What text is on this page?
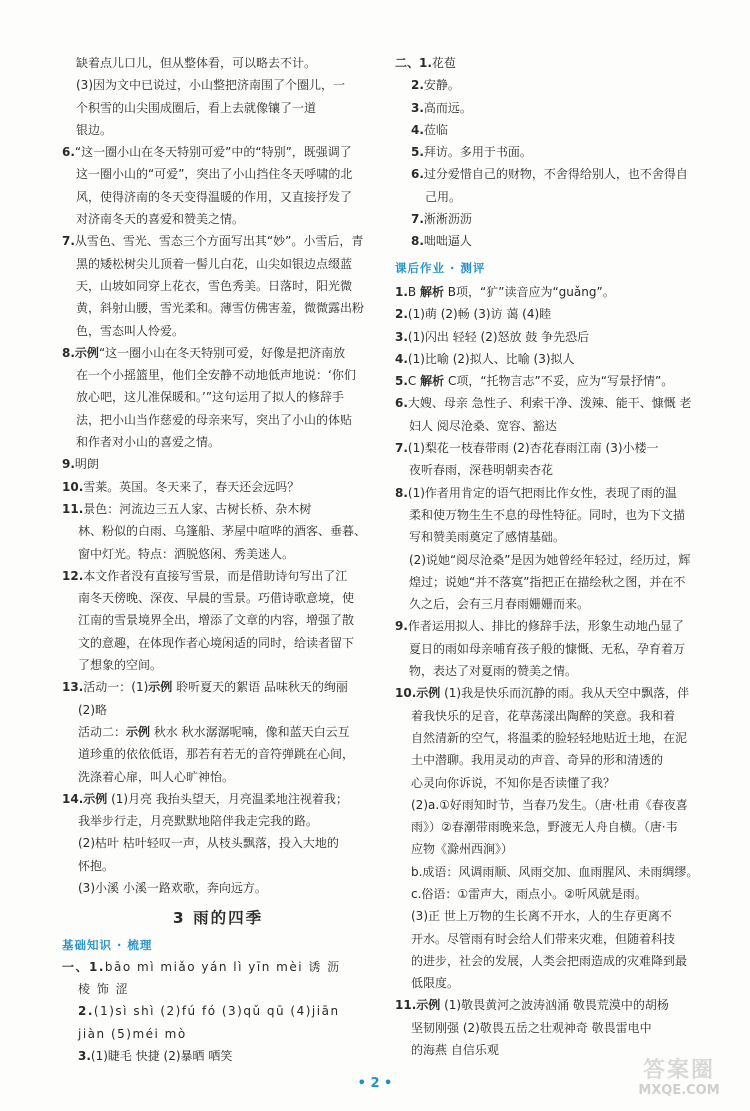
缺着点儿口儿，但从整体看，可以略去不计。

(3)因为文中已说过，小山整把济南围了个圈儿，一

个积雪的山尖围成圈后，看上去就像镶了一道

银边。

6.“这一圈小山在冬天特别可爱”中的“特别”，既强调了

这一圈小山的“可爱”，突出了小山挡住冬天呼啸的北

风，使得济南的冬天变得温暖的作用，又直接抒发了

对济南冬天的喜爱和赞美之情。

7.从雪色、雪光、雪态三个方面写出其“妙”。小雪后，青

黑的矮松树尖儿顶着一髻儿白花，山尖如银边点缀蓝

天，山坡如同穿上花衣，雪色秀美。日落时，阳光微

黄，斜射山腰，雪光柔和。薄雪仿佛害羞，微微露出粉

色，雪态叫人怜爱。

8.示例“这一圈小山在冬天特别可爱，好像是把济南放

在一个小摇篮里，他们全安静不动地低声地说：‘你们

放心吧，这儿准保暖和。’”这句运用了拟人的修辞手

法，把小山当作慈爱的母亲来写，突出了小山的体贴

和作者对小山的喜爱之情。

9.明朗

10.雪莱。英国。冬天来了，春天还会远吗？

11.景色：河流边三五人家、古树长桥、杂木树

林、粉似的白雨、乌篷船、茅屋中喧哗的酒客、垂暮、

窗中灯光。特点：洒脱悠闲、秀美迷人。

12.本文作者没有直接写雪景，而是借助诗句写出了江

南冬天傍晚、深夜、早晨的雪景。巧借诗歌意境，使

江南的雪景境界全出，增添了文章的内容，增强了散

文的意趣，在体现作者心境闲适的同时，给读者留下

了想象的空间。

13.活动一：(1)示例 聆听夏天的絮语 品味秋天的绚丽

(2)略

活动二：示例 秋水 秋水潺潺呢喃，像和蓝天白云互

道珍重的依依低语，那若有若无的音符弹跳在心间，

洗涤着心扉，叫人心旷神怡。

14.示例 (1)月亮 我抬头望天，月亮温柔地注视着我；

我举步行走，月亮默默地陪伴我走完我的路。

(2)枯叶 枯叶轻叹一声，从枝头飘落，投入大地的

怀抱。

(3)小溪 小溪一路欢歌，奔向远方。

3 雨的四季
基础知识 · 梳理

一、1.bāo mì miǎo yán lì yīn mèi 诱 沥

棱 饰 涩

2.(1)sì shì (2)fú fó (3)qǔ qū (4)jiān

jiàn (5)méi mò

3.(1)睫毛 快捷 (2)暴晒 哂笑

二、1.花苞

2.安静。

3.高而远。

4.莅临

5.拜访。多用于书面。

6.过分爱惜自己的财物，不舍得给别人，也不舍得自

己用。

7.淅淅沥沥

8.咄咄逼人

课后作业 · 测评

1.B 解析 B项，“犷”读音应为“guǎng”。

2.(1)萌 (2)畅 (3)访 蔼 (4)睦

3.(1)闪出 轻轻 (2)怒放 鼓 争先恐后

4.(1)比喻 (2)拟人、比喻 (3)拟人

5.C 解析 C项，“托物言志”不妥，应为“写景抒情”。

6.大嫂、母亲 急性子、利索干净、泼辣、能干、慷慨 老

妇人 阅尽沧桑、宽容、豁达

7.(1)梨花一枝春带雨 (2)杏花春雨江南 (3)小楼一

夜听春雨，深巷明朝卖杏花

8.(1)作者用肯定的语气把雨比作女性，表现了雨的温

柔和使万物生生不息的母性特征。同时，也为下文描

写和赞美雨奠定了感情基础。

(2)说她“阅尽沧桑”是因为她曾经年轻过，经历过，辉

煌过；说她“并不落寞”指把正在描绘秋之图，并在不

久之后，会有三月春雨姗姗而来。

9.作者运用拟人、排比的修辞手法，形象生动地凸显了

夏日的雨如母亲哺育孩子般的慷慨、无私，孕育着万

物，表达了对夏雨的赞美之情。

10.示例 (1)我是快乐而沉静的雨。我从天空中飘落，伴

着我快乐的足音，花草荡漾出陶醉的笑意。我和着

自然清新的空气，将温柔的脸轻轻地贴近土地，在泥

土中潜聊。我用灵动的声音、奇异的形和清透的

心灵向你诉说，不知你是否读懂了我？

(2)a.①好雨知时节，当春乃发生。（唐·杜甫《春夜喜

雨》）②春潮带雨晚来急，野渡无人舟自横。（唐·韦

应物《滁州西涧》）

b.成语：风调雨顺、风雨交加、血雨腥风、未雨绸缪。

c.俗语：①雷声大，雨点小。②听风就是雨。

(3)正 世上万物的生长离不开水，人的生存更离不

开水。尽管雨有时会给人们带来灾难，但随着科技

的进步，社会的发展，人类会把雨造成的灾难降到最

低限度。

11.示例 (1)敬畏黄河之波涛汹涌 敬畏荒漠中的胡杨

坚韧刚强 (2)敬畏五岳之壮观神奇 敬畏雷电中

的海燕 自信乐观

• 2 •
答案圈
MXQE.COM
